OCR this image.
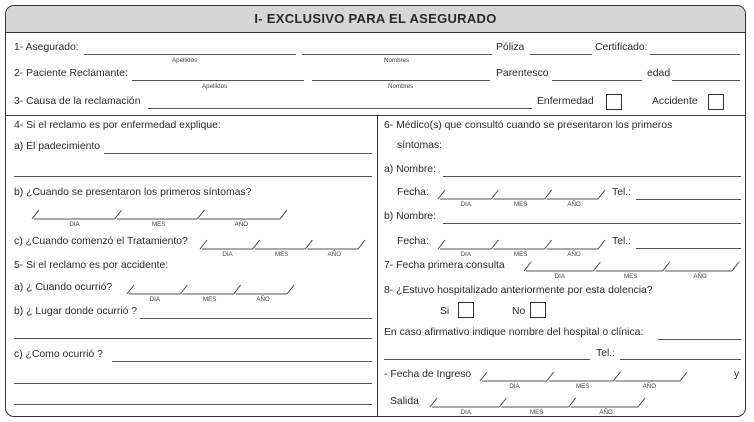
I- EXCLUSIVO PARA EL ASEGURADO
1- Asegurado:
Apellidos	Nombres
Póliza	Certificado:
2- Paciente Reclamante:
Apellidos	Nombres
Parentesco	edad
3- Causa de la reclamación	Enfermedad	Accidente
4- Si el reclamo es por enfermedad explique:
a) El padecimiento
b) ¿Cuando se presentaron los primeros síntomas?
DIA	MES	AÑO
c) ¿Cuando comenzó el Tratamiento?
DIA	MES	AÑO
5- Si el reclamo es por accidente:
a) ¿ Cuando ocurrió?
DIA	MES	AÑO
b) ¿ Lugar donde ocurrió ?
c) ¿Como ocurrió ?
6- Médico(s) que consultó cuando se presentaron los primeros
síntomas:
a) Nombre:
Fecha:
DIA	MES	AÑO
Tel.:
b) Nombre:
Fecha:
DIA	MES	AÑO
Tel.:
7- Fecha primera consulta
DIA	MES	AÑO
8- ¿Estuvo hospitalizado anteriormente por esta dolencia?
Si	No
En caso afirmativo indique nombre del hospital o clínica:
Tel.:
- Fecha de Ingreso
DIA	MES	AÑO
y
Salida
DIA	MES	AÑO
